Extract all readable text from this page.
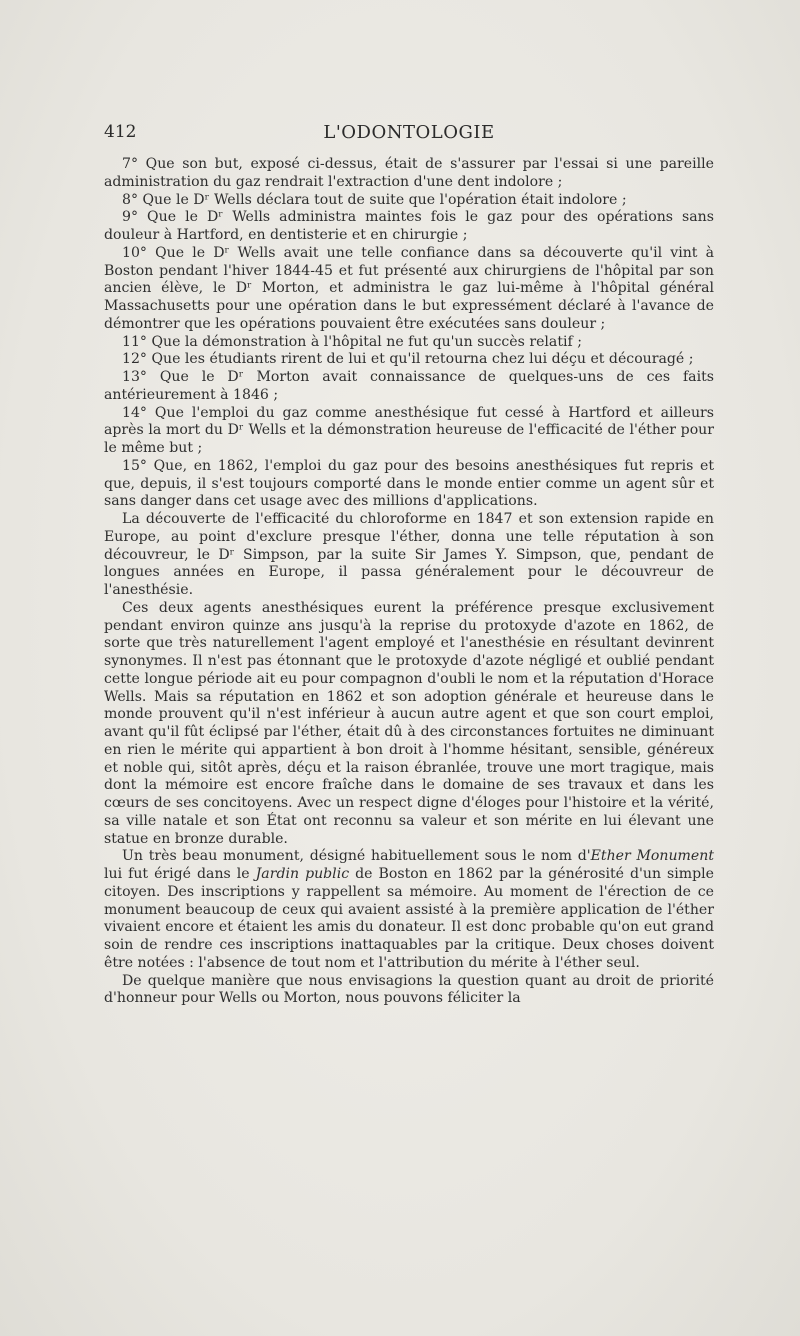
412	L'ODONTOLOGIE

7° Que son but, exposé ci-dessus, était de s'assurer par l'essai si une pareille administration du gaz rendrait l'extraction d'une dent indolore ;

8° Que le Dʳ Wells déclara tout de suite que l'opération était indolore ;

9° Que le Dʳ Wells administra maintes fois le gaz pour des opérations sans douleur à Hartford, en dentisterie et en chirurgie ;

10° Que le Dʳ Wells avait une telle confiance dans sa découverte qu'il vint à Boston pendant l'hiver 1844-45 et fut présenté aux chirurgiens de l'hôpital par son ancien élève, le Dʳ Morton, et administra le gaz lui-même à l'hôpital général Massachusetts pour une opération dans le but expressément déclaré à l'avance de démontrer que les opérations pouvaient être exécutées sans douleur ;

11° Que la démonstration à l'hôpital ne fut qu'un succès relatif ;

12° Que les étudiants rirent de lui et qu'il retourna chez lui déçu et découragé ;

13° Que le Dʳ Morton avait connaissance de quelques-uns de ces faits antérieurement à 1846 ;

14° Que l'emploi du gaz comme anesthésique fut cessé à Hartford et ailleurs après la mort du Dʳ Wells et la démonstration heureuse de l'efficacité de l'éther pour le même but ;

15° Que, en 1862, l'emploi du gaz pour des besoins anesthésiques fut repris et que, depuis, il s'est toujours comporté dans le monde entier comme un agent sûr et sans danger dans cet usage avec des millions d'applications.

La découverte de l'efficacité du chloroforme en 1847 et son extension rapide en Europe, au point d'exclure presque l'éther, donna une telle réputation à son découvreur, le Dʳ Simpson, par la suite Sir James Y. Simpson, que, pendant de longues années en Europe, il passa généralement pour le découvreur de l'anesthésie.

Ces deux agents anesthésiques eurent la préférence presque exclusivement pendant environ quinze ans jusqu'à la reprise du protoxyde d'azote en 1862, de sorte que très naturellement l'agent employé et l'anesthésie en résultant devinrent synonymes. Il n'est pas étonnant que le protoxyde d'azote négligé et oublié pendant cette longue période ait eu pour compagnon d'oubli le nom et la réputation d'Horace Wells. Mais sa réputation en 1862 et son adoption générale et heureuse dans le monde prouvent qu'il n'est inférieur à aucun autre agent et que son court emploi, avant qu'il fût éclipsé par l'éther, était dû à des circonstances fortuites ne diminuant en rien le mérite qui appartient à bon droit à l'homme hésitant, sensible, généreux et noble qui, sitôt après, déçu et la raison ébranlée, trouve une mort tragique, mais dont la mémoire est encore fraîche dans le domaine de ses travaux et dans les cœurs de ses concitoyens. Avec un respect digne d'éloges pour l'histoire et la vérité, sa ville natale et son État ont reconnu sa valeur et son mérite en lui élevant une statue en bronze durable.

Un très beau monument, désigné habituellement sous le nom d'Ether Monument lui fut érigé dans le Jardin public de Boston en 1862 par la générosité d'un simple citoyen. Des inscriptions y rappellent sa mémoire. Au moment de l'érection de ce monument beaucoup de ceux qui avaient assisté à la première application de l'éther vivaient encore et étaient les amis du donateur. Il est donc probable qu'on eut grand soin de rendre ces inscriptions inattaquables par la critique. Deux choses doivent être notées : l'absence de tout nom et l'attribution du mérite à l'éther seul.

De quelque manière que nous envisagions la question quant au droit de priorité d'honneur pour Wells ou Morton, nous pouvons féliciter la
